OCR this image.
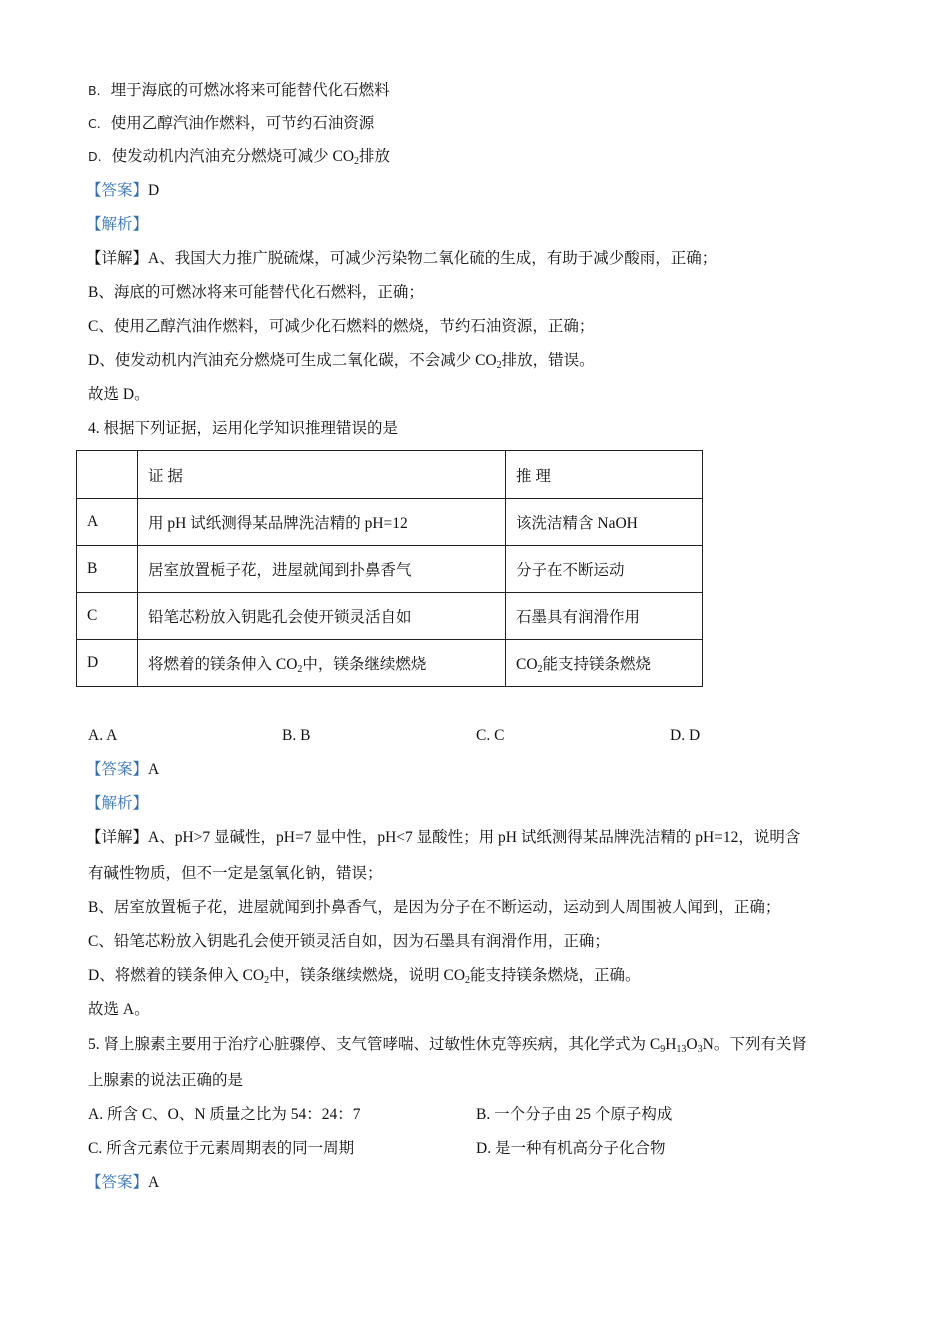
B. 埋于海底的可燃冰将来可能替代化石燃料
C. 使用乙醇汽油作燃料，可节约石油资源
D. 使发动机内汽油充分燃烧可减少 $CO_2$排放
【答案】D
【解析】
【详解】A、我国大力推广脱硫煤，可减少污染物二氧化硫的生成，有助于减少酸雨，正确；
B、海底的可燃冰将来可能替代化石燃料，正确；
C、使用乙醇汽油作燃料，可减少化石燃料的燃烧，节约石油资源，正确；
D、使发动机内汽油充分燃烧可生成二氧化碳，不会减少 $CO_2$排放，错误。
故选 D。
4. 根据下列证据，运用化学知识推理错误的是
	证 据	推 理
A	用 pH 试纸测得某品牌洗洁精的 pH=12	该洗洁精含 NaOH
B	居室放置栀子花，进屋就闻到扑鼻香气	分子在不断运动
C	铅笔芯粉放入钥匙孔会使开锁灵活自如	石墨具有润滑作用
D	将燃着的镁条伸入 $CO_2$中，镁条继续燃烧	$CO_2$能支持镁条燃烧
A. A	B. B	C. C	D. D
【答案】A
【解析】
【详解】A、pH>7 显碱性，pH=7 显中性，pH<7 显酸性；用 pH 试纸测得某品牌洗洁精的 pH=12，说明含
有碱性物质，但不一定是氢氧化钠，错误；
B、居室放置栀子花，进屋就闻到扑鼻香气，是因为分子在不断运动，运动到人周围被人闻到，正确；
C、铅笔芯粉放入钥匙孔会使开锁灵活自如，因为石墨具有润滑作用，正确；
D、将燃着的镁条伸入 $CO_2$中，镁条继续燃烧，说明 $CO_2$能支持镁条燃烧，正确。
故选 A。
5. 肾上腺素主要用于治疗心脏骤停、支气管哮喘、过敏性休克等疾病，其化学式为 $C_9H_{13}O_3N$。下列有关肾
上腺素的说法正确的是
A. 所含 C、O、N 质量之比为 54：24：7	B. 一个分子由 25 个原子构成
C. 所含元素位于元素周期表的同一周期	D. 是一种有机高分子化合物
【答案】A
